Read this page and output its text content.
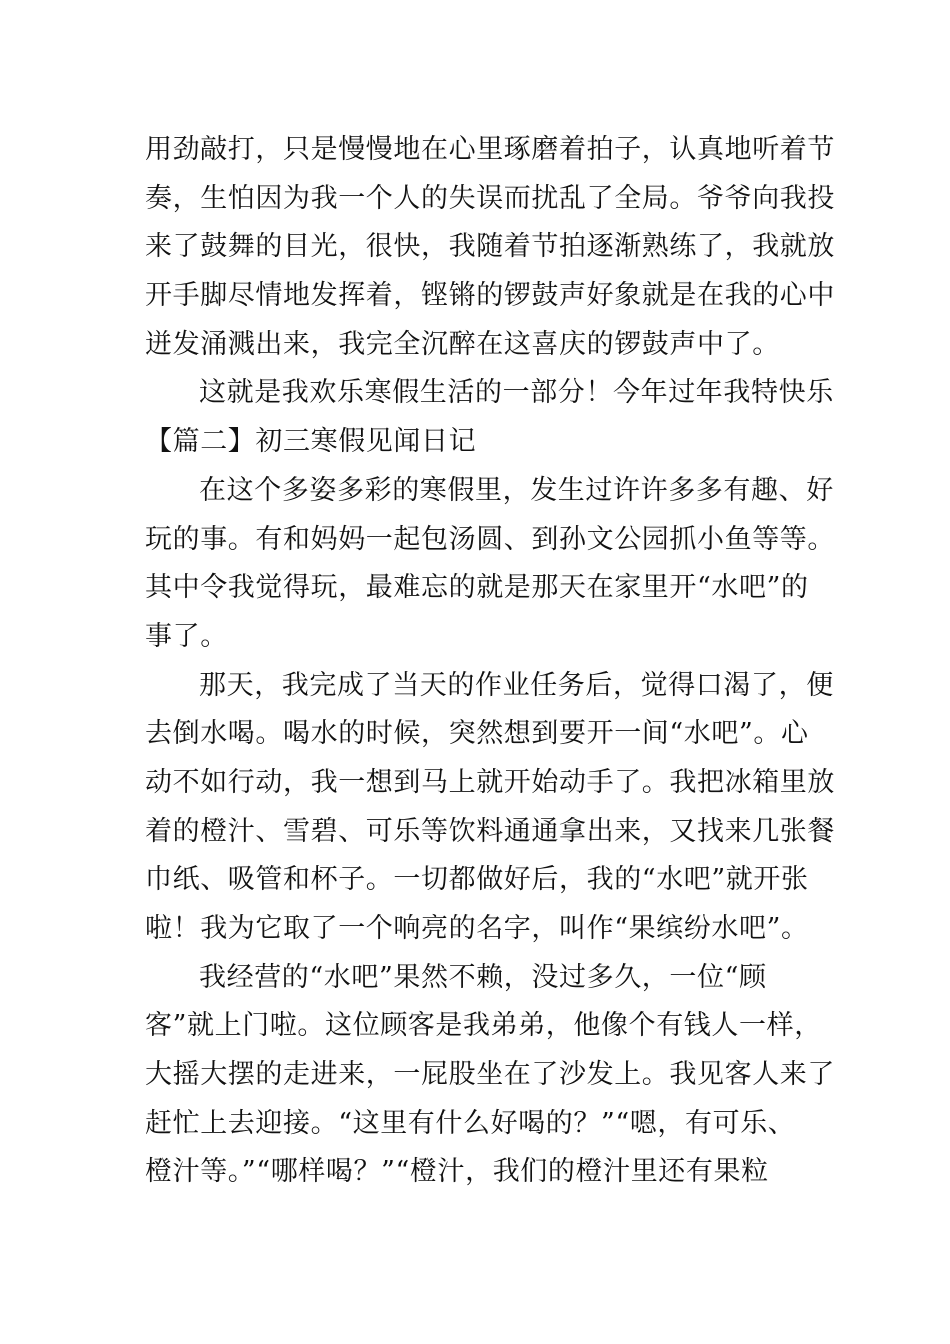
用劲敲打，只是慢慢地在心里琢磨着拍子，认真地听着节
奏，生怕因为我一个人的失误而扰乱了全局。爷爷向我投
来了鼓舞的目光，很快，我随着节拍逐渐熟练了，我就放
开手脚尽情地发挥着，铿锵的锣鼓声好象就是在我的心中
迸发涌溅出来，我完全沉醉在这喜庆的锣鼓声中了。
这就是我欢乐寒假生活的一部分！今年过年我特快乐
【篇二】初三寒假见闻日记
在这个多姿多彩的寒假里，发生过许许多多有趣、好
玩的事。有和妈妈一起包汤圆、到孙文公园抓小鱼等等。
其中令我觉得玩，最难忘的就是那天在家里开“水吧”的
事了。
那天，我完成了当天的作业任务后，觉得口渴了，便
去倒水喝。喝水的时候，突然想到要开一间“水吧”。心
动不如行动，我一想到马上就开始动手了。我把冰箱里放
着的橙汁、雪碧、可乐等饮料通通拿出来，又找来几张餐
巾纸、吸管和杯子。一切都做好后，我的“水吧”就开张
啦！我为它取了一个响亮的名字，叫作“果缤纷水吧”。
我经营的“水吧”果然不赖，没过多久，一位“顾
客”就上门啦。这位顾客是我弟弟，他像个有钱人一样，
大摇大摆的走进来，一屁股坐在了沙发上。我见客人来了
赶忙上去迎接。“这里有什么好喝的？”“嗯，有可乐、
橙汁等。”“哪样喝？”“橙汁，我们的橙汁里还有果粒
